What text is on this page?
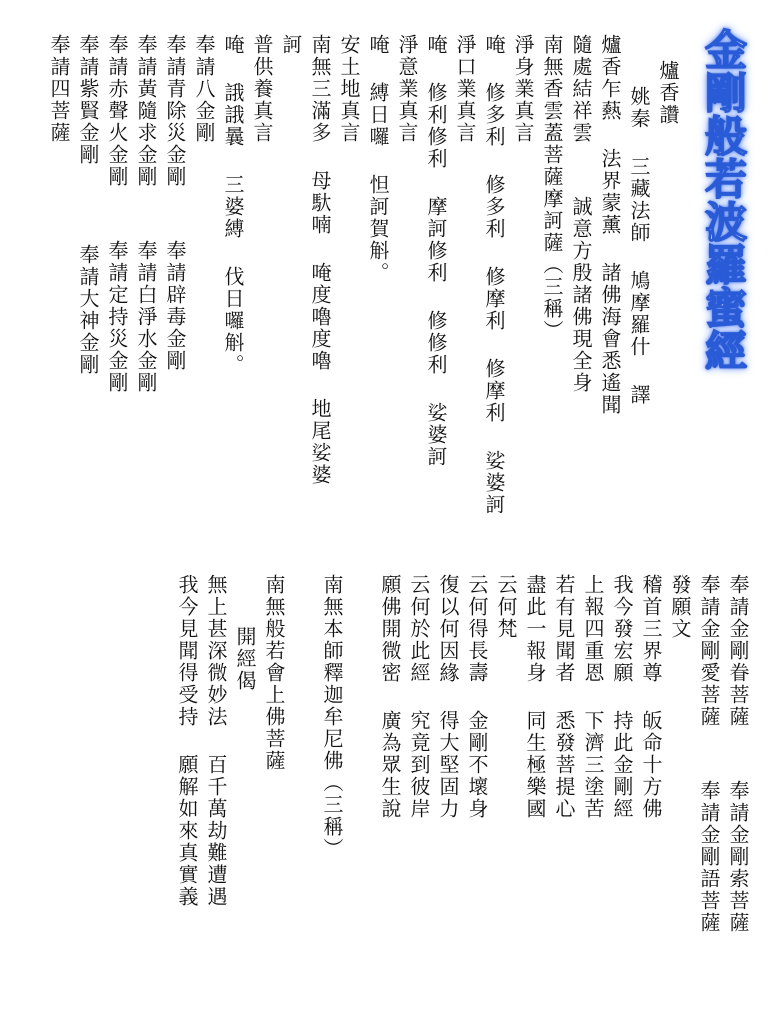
金剛般若波羅蜜經
爐香讚
姚秦 三藏法師 鳩摩羅什 譯
爐香乍爇 法界蒙薰 諸佛海會悉遙聞
隨處結祥雲  誠意方殷諸佛現全身
南無香雲蓋菩薩摩訶薩︵三稱︶
淨身業真言
唵 修多利 修多利 修摩利 修摩利 娑婆訶
淨口業真言
唵 修利修利 摩訶修利 修修利 娑婆訶
淨意業真言
唵 縛日囉 怛訶賀斛。
安土地真言
南無三滿多 母馱喃 唵度嚕度嚕 地尾娑婆
訶
普供養真言
唵 誐誐曩 三婆縛 伐日囉斛。
奉請八金剛
奉請青除災金剛  奉請辟毒金剛
奉請黃隨求金剛  奉請白淨水金剛
奉請赤聲火金剛  奉請定持災金剛
奉請紫賢金剛   奉請大神金剛
奉請四菩薩
奉請金剛眷菩薩  奉請金剛索菩薩
奉請金剛愛菩薩  奉請金剛語菩薩
發願文
稽首三界尊 皈命十方佛
我今發宏願 持此金剛經
上報四重恩 下濟三塗苦
若有見聞者 悉發菩提心
盡此一報身 同生極樂國
云何梵
云何得長壽 金剛不壞身
復以何因緣 得大堅固力
云何於此經 究竟到彼岸
願佛開微密 廣為眾生說

南無本師釋迦牟尼佛︵三稱︶

南無般若會上佛菩薩
開經偈
無上甚深微妙法 百千萬劫難遭遇
我今見聞得受持 願解如來真實義
